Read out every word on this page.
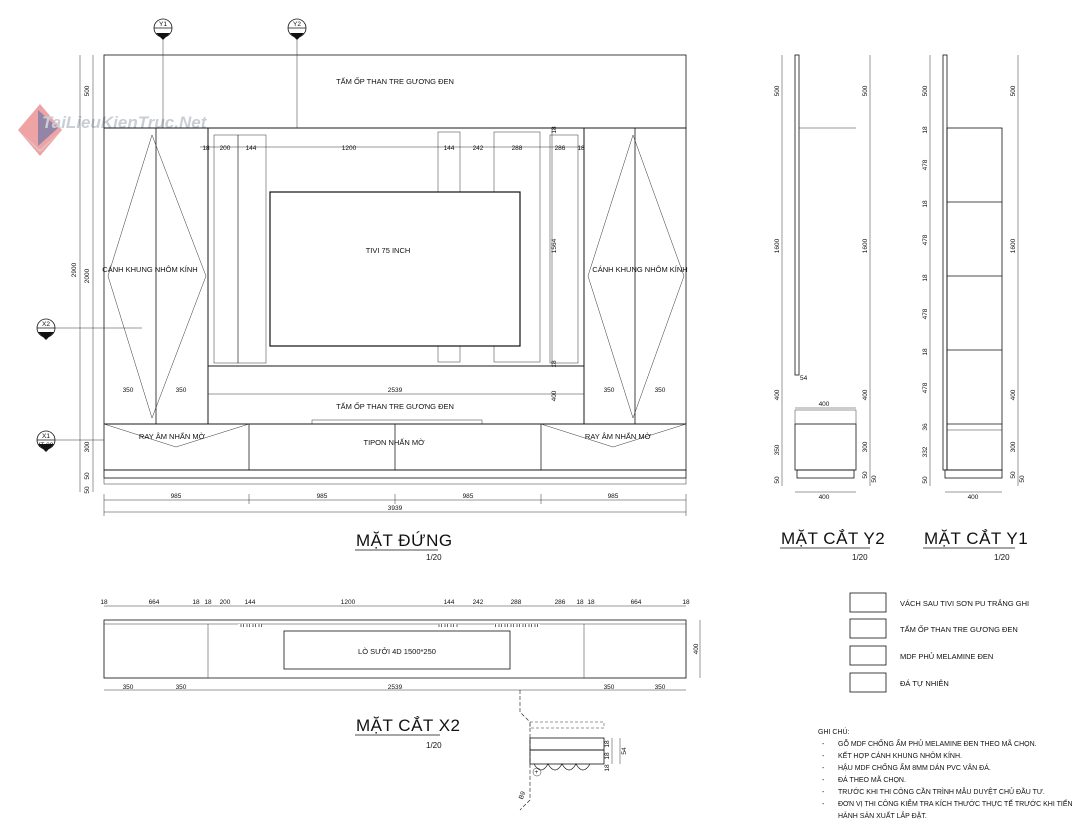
TaiLieuKienTruc.Net
TẤM ỐP THAN TRE GƯƠNG ĐEN
CÁNH KHUNG NHÔM KÍNH	CÁNH KHUNG NHÔM KÍNH
TIVI 75 INCH
TẤM ỐP THAN TRE GƯƠNG ĐEN
RAY ÂM NHẤN MỜ
TIPON NHẤN MỜ
RAY ÂM NHẤN MỜ
Y1	Y2
X2
X1
IT-08
18 200 144	1200	144	242	288	286 18
18
1564
18
400
500
2900 2000
300
50
50
350	350	2539	350	350
985	985	985	985
3939
MẶT ĐỨNG
1/20
500
1600
400
350
50
500
1600
400
300
50
50
54
400
400
MẶT CẮT Y2
1/20
500
18
478
18
478
18
478
18
478
36
332
50
500
1600
400
300
50
50
400
MẶT CẮT Y1
1/20
LÒ SƯỞI 4D 1500*250
18	664	18 18 200 144	1200	144	242	288	286 18 18	664	18
350	350	2539	350	350
400
MẶT CẮT X2
1/20
+
18
18
18
54
B9
VÁCH SAU TIVI SƠN PU TRẮNG GHI
TẤM ỐP THAN TRE GƯƠNG ĐEN
MDF PHỦ MELAMINE ĐEN
ĐÁ TỰ NHIÊN
GHI CHÚ:
- GỖ MDF CHỐNG ẨM PHỦ MELAMINE ĐEN THEO MÃ CHỌN.
- KẾT HỢP CÁNH KHUNG NHÔM KÍNH.
- HẬU MDF CHỐNG ẨM 8MM DÁN PVC VÂN ĐÁ.
- ĐÁ THEO MÃ CHỌN.
- TRƯỚC KHI THI CÔNG CẦN TRÌNH MẪU DUYỆT CHỦ ĐẦU TƯ.
- ĐƠN VỊ THI CÔNG KIỂM TRA KÍCH THƯỚC THỰC TẾ TRƯỚC KHI TIẾN
HÀNH SẢN XUẤT LẮP ĐẶT.
